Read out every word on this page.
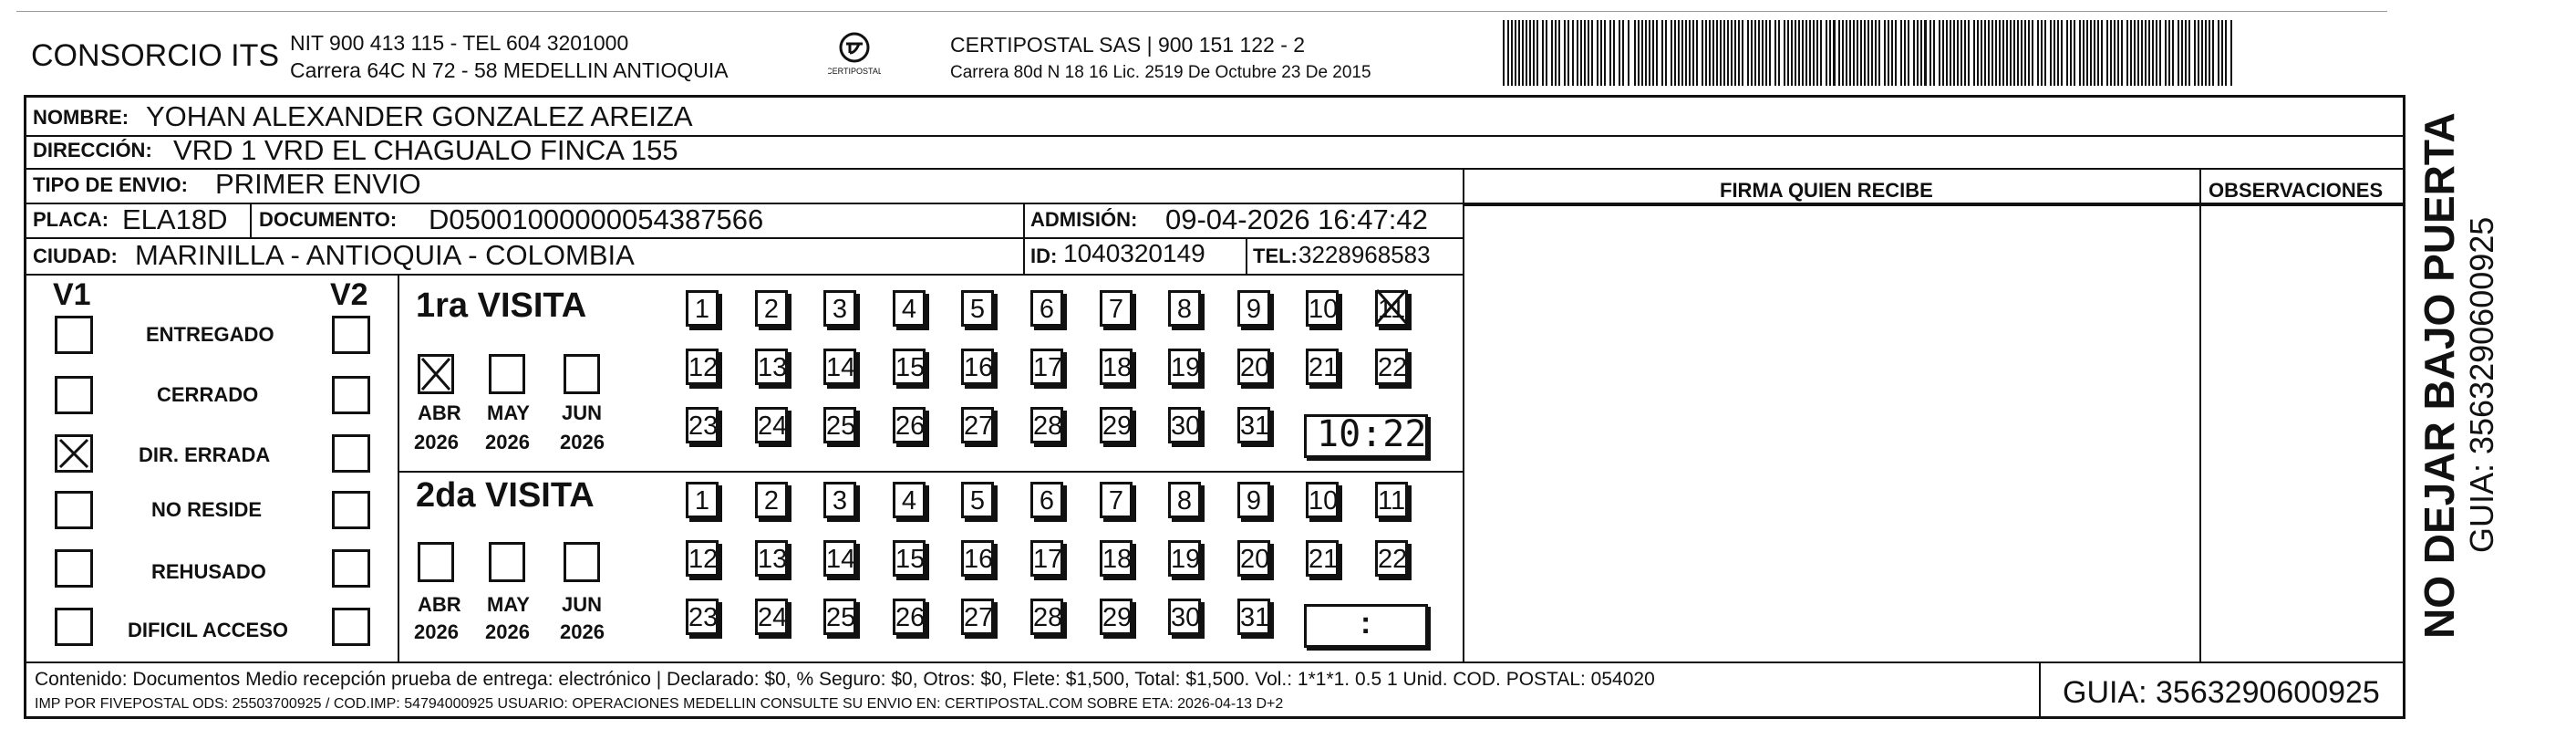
CONSORCIO ITS NIT 900 413 115 - TEL 604 3201000
Carrera 64C N 72 - 58 MEDELLIN ANTIOQUIA	CERTIPOSTAL
CERTIPOSTAL SAS | 900 151 122 - 2
Carrera 80d N 18 16 Lic. 2519 De Octubre 23 De 2015
NOMBRE: YOHAN ALEXANDER GONZALEZ AREIZA
DIRECCIÓN: VRD 1 VRD EL CHAGUALO FINCA 155
TIPO DE ENVIO: PRIMER ENVIO	FIRMA QUIEN RECIBE	OBSERVACIONES
PLACA: ELA18D DOCUMENTO: D05001000000054387566	ADMISIÓN: 09-04-2026 16:47:42
CIUDAD: MARINILLA - ANTIOQUIA - COLOMBIA	ID: 1040320149 TEL: 3228968583
V1	V2
ENTREGADO
CERRADO
DIR. ERRADA
NO RESIDE
REHUSADO
DIFICIL ACCESO
1ra VISITA
ABR MAY JUN
2026 2026 2026
1	2	3	4	5	6	7	8	9	10 11
12 13 14 15 16 17 18 19 20 21 22
23 24 25 26 27 28 29 30 31 10:22
2da VISITA
ABR MAY JUN
2026 2026 2026
1	2	3	4	5	6	7	8	9	10 11
12 13 14 15 16 17 18 19 20 21 22
23 24 25 26 27 28 29 30 31	:
Contenido: Documentos Medio recepción prueba de entrega: electrónico | Declarado: $0, % Seguro: $0, Otros: $0, Flete: $1,500, Total: $1,500. Vol.: 1*1*1. 0.5 1 Unid. COD. POSTAL: 054020
IMP POR FIVEPOSTAL ODS: 25503700925 / COD.IMP: 54794000925 USUARIO: OPERACIONES MEDELLIN CONSULTE SU ENVIO EN: CERTIPOSTAL.COM SOBRE ETA: 2026-04-13 D+2	GUIA: 3563290600925
NO DEJAR BAJO PUERTA GUIA: 3563290600925
